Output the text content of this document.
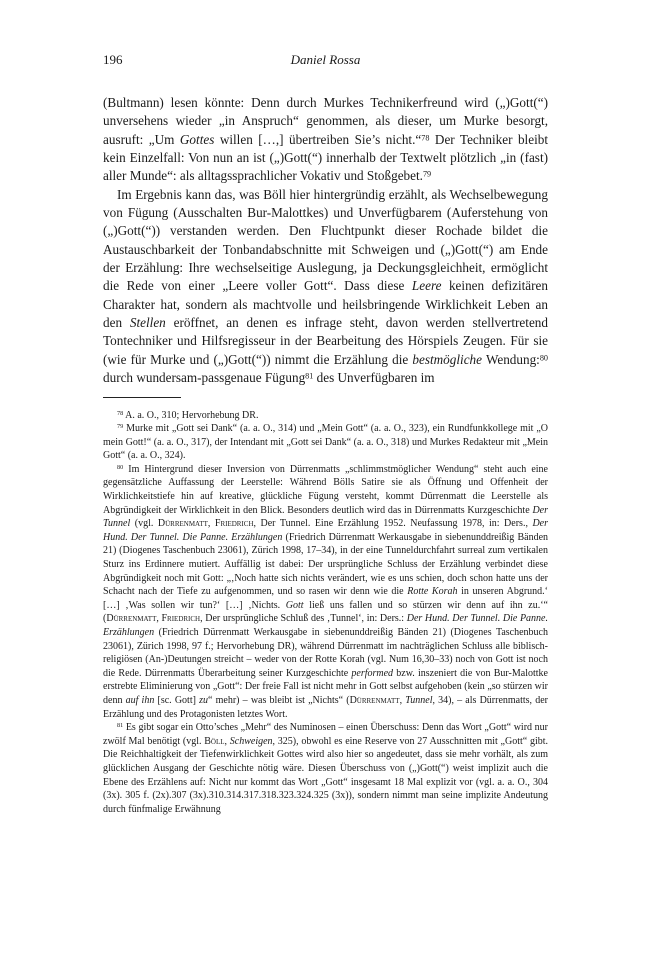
196	Daniel Rossa

(Bultmann) lesen könnte: Denn durch Murkes Technikerfreund wird („)Gott(“) unversehens wieder „in Anspruch“ genommen, als dieser, um Murke besorgt, ausruft: „Um Gottes willen […,] übertreiben Sie’s nicht.“$^{78}$ Der Techniker bleibt kein Einzelfall: Von nun an ist („)Gott(“) innerhalb der Textwelt plötzlich „in (fast) aller Munde“: als alltagssprachlicher Vokativ und Stoßgebet.$^{79}$

Im Ergebnis kann das, was Böll hier hintergründig erzählt, als Wechselbewegung von Fügung (Ausschalten Bur-Malottkes) und Unverfügbarem (Auferstehung von („)Gott(“)) verstanden werden. Den Fluchtpunkt dieser Rochade bildet die Austauschbarkeit der Tonbandabschnitte mit Schweigen und („)Gott(“) am Ende der Erzählung: Ihre wechselseitige Auslegung, ja Deckungsgleichheit, ermöglicht die Rede von einer „Leere voller Gott“. Dass diese Leere keinen defizitären Charakter hat, sondern als machtvolle und heilsbringende Wirklichkeit Leben an den Stellen eröffnet, an denen es infrage steht, davon werden stellvertretend Tontechniker und Hilfsregisseur in der Bearbeitung des Hörspiels Zeugen. Für sie (wie für Murke und („)Gott(“)) nimmt die Erzählung die bestmögliche Wendung:$^{80}$ durch wundersam-passgenaue Fügung$^{81}$ des Unverfügbaren im

$^{78}$ A. a. O., 310; Hervorhebung DR.

$^{79}$ Murke mit „Gott sei Dank“ (a. a. O., 314) und „Mein Gott“ (a. a. O., 323), ein Rundfunkkollege mit „O mein Gott!“ (a. a. O., 317), der Intendant mit „Gott sei Dank“ (a. a. O., 318) und Murkes Redakteur mit „Mein Gott“ (a. a. O., 324).

$^{80}$ Im Hintergrund dieser Inversion von Dürrenmatts „schlimmstmöglicher Wendung“ steht auch eine gegensätzliche Auffassung der Leerstelle: Während Bölls Satire sie als Öffnung und Offenheit der Wirklichkeitstiefe hin auf kreative, glückliche Fügung versteht, kommt Dürrenmatt die Leerstelle als Abgründigkeit der Wirklichkeit in den Blick. Besonders deutlich wird das in Dürrenmatts Kurzgeschichte Der Tunnel (vgl. Dürrenmatt, Friedrich, Der Tunnel. Eine Erzählung 1952. Neufassung 1978, in: Ders., Der Hund. Der Tunnel. Die Panne. Erzählungen (Friedrich Dürrenmatt Werkausgabe in siebenunddreißig Bänden 21) (Diogenes Taschenbuch 23061), Zürich 1998, 17–34), in der eine Tunneldurchfahrt surreal zum vertikalen Sturz ins Erdinnere mutiert. Auffällig ist dabei: Der ursprüngliche Schluss der Erzählung verbindet diese Abgründigkeit noch mit Gott: „‚Noch hatte sich nichts verändert, wie es uns schien, doch schon hatte uns der Schacht nach der Tiefe zu aufgenommen, und so rasen wir denn wie die Rotte Korah in unseren Abgrund.‘ […] ‚Was sollen wir tun?‘ […] ‚Nichts. Gott ließ uns fallen und so stürzen wir denn auf ihn zu.‘“ (Dürrenmatt, Friedrich, Der ursprüngliche Schluß des ‚Tunnel‘, in: Ders.: Der Hund. Der Tunnel. Die Panne. Erzählungen (Friedrich Dürrenmatt Werkausgabe in siebenunddreißig Bänden 21) (Diogenes Taschenbuch 23061), Zürich 1998, 97 f.; Hervorhebung DR), während Dürrenmatt im nachträglichen Schluss alle biblisch-religiösen (An-)Deutungen streicht – weder von der Rotte Korah (vgl. Num 16,30–33) noch von Gott ist noch die Rede. Dürrenmatts Überarbeitung seiner Kurzgeschichte performed bzw. inszeniert die von Bur-Malottke erstrebte Eliminierung von „Gott“: Der freie Fall ist nicht mehr in Gott selbst aufgehoben (kein „so stürzen wir denn auf ihn [sc. Gott] zu“ mehr) – was bleibt ist „Nichts“ (Dürrenmatt, Tunnel, 34), – als Dürrenmatts, der Erzählung und des Protagonisten letztes Wort.

$^{81}$ Es gibt sogar ein Otto’sches „Mehr“ des Numinosen – einen Überschuss: Denn das Wort „Gott“ wird nur zwölf Mal benötigt (vgl. Böll, Schweigen, 325), obwohl es eine Reserve von 27 Ausschnitten mit „Gott“ gibt. Die Reichhaltigkeit der Tiefenwirklichkeit Gottes wird also hier so angedeutet, dass sie mehr vorhält, als zum glücklichen Ausgang der Geschichte nötig wäre. Diesen Überschuss von („)Gott(“) weist implizit auch die Ebene des Erzählens auf: Nicht nur kommt das Wort „Gott“ insgesamt 18 Mal explizit vor (vgl. a. a. O., 304 (3x). 305 f. (2x).307 (3x).310.314.317.318.323.324.325 (3x)), sondern nimmt man seine implizite Andeutung durch fünfmalige Erwähnung
